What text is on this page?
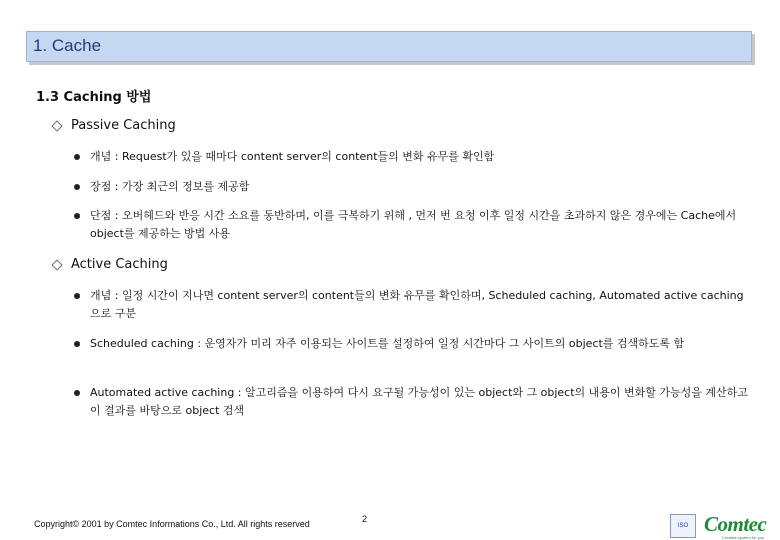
1. Cache
1.3 Caching 방법
Passive Caching
개념 : Request가 있을 때마다 content server의 content들의 변화 유무를 확인함
장점 : 가장 최근의 정보를 제공함
단점 : 오버헤드와 반응 시간 소요를 동반하며, 이를 극복하기 위해 , 먼저 번 요청 이후 일정 시간을 초과하지 않은 경우에는 Cache에서 object를 제공하는 방법 사용
Active Caching
개념 : 일정 시간이 지나면 content server의 content들의 변화 유무를 확인하며, Scheduled caching, Automated active caching으로 구분
Scheduled caching : 운영자가 미리 자주 이용되는 사이트를 설정하여 일정 시간마다 그 사이트의 object를 검색하도록 함
Automated active caching : 알고리즘을 이용하여 다시 요구될 가능성이 있는 object와 그 object의 내용이 변화할 가능성을 계산하고 이 결과를 바탕으로 object 검색
Copyright© 2001 by Comtec Informations Co., Ltd. All rights reserved	2
ISO Comtec
Creative system for you
